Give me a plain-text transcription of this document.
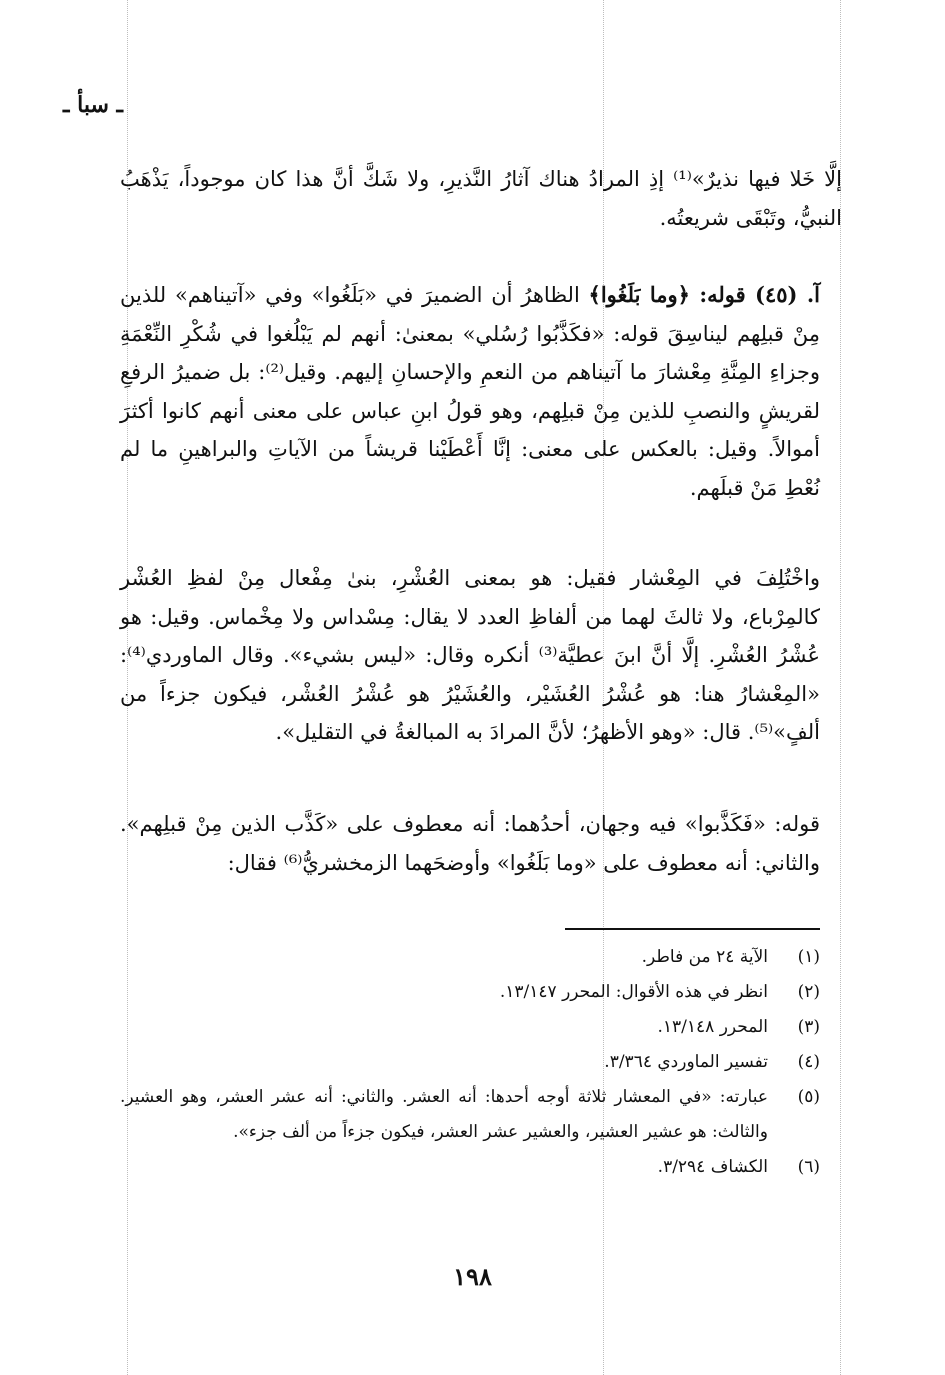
ـ سبأ ـ

إلَّا خَلا فيها نذيرٌ»⁽¹⁾ إذِ المرادُ هناك آثارُ النَّذيرِ، ولا شَكَّ أنَّ هذا كان موجوداً، يَذْهَبُ النبيُّ، وتَبْقَى شريعتُه.

آ. (٤٥) قوله: ﴿وما بَلَغُوا﴾ الظاهرُ أن الضميرَ في «بَلَغُوا» وفي «آتيناهم» للذين مِنْ قبلِهم ليناسِقَ قوله: «فكَذَّبُوا رُسُلي» بمعنىٰ: أنهم لم يَبْلُغوا في شُكْرِ النِّعْمَةِ وجزاءِ المِنَّةِ مِعْشارَ ما آتيناهم من النعمِ والإحسانِ إليهم. وقيل⁽²⁾: بل ضميرُ الرفعِ لقريشٍ والنصبِ للذين مِنْ قبلِهم، وهو قولُ ابنِ عباس على معنى أنهم كانوا أكثرَ أموالاً. وقيل: بالعكس على معنى: إنَّا أَعْطَيْنا قريشاً من الآياتِ والبراهينِ ما لم نُعْطِ مَنْ قبلَهم.

واخْتُلِفَ في المِعْشار فقيل: هو بمعنى العُشْرِ، بنىٰ مِفْعال مِنْ لفظِ العُشْر كالمِرْباع، ولا ثالثَ لهما من ألفاظِ العدد لا يقال: مِسْداس ولا مِخْماس. وقيل: هو عُشْرُ العُشْرِ. إلَّا أنَّ ابنَ عطيَّة⁽³⁾ أنكره وقال: «ليس بشيء». وقال الماوردي⁽⁴⁾: «المِعْشارُ هنا: هو عُشْرُ العُشَيْر، والعُشَيْرُ هو عُشْرُ العُشْر، فيكون جزءاً من ألفٍ»⁽⁵⁾. قال: «وهو الأظهرُ؛ لأنَّ المرادَ به المبالغةُ في التقليل».

قوله: «فَكَذَّبوا» فيه وجهان، أحدُهما: أنه معطوف على «كَذَّب الذين مِنْ قبلِهم». والثاني: أنه معطوف على «وما بَلَغُوا» وأوضحَهما الزمخشريُّ⁽⁶⁾ فقال:

(١)
الآية ٢٤ من فاطر.
(٢)
انظر في هذه الأقوال: المحرر ١٣/١٤٧.
(٣)
المحرر ١٣/١٤٨.
(٤)
تفسير الماوردي ٣/٣٦٤.
(٥)
عبارته: «في المعشار ثلاثة أوجه أحدها: أنه العشر. والثاني: أنه عشر العشر، وهو العشير. والثالث: هو عشير العشير، والعشير عشر العشر، فيكون جزءاً من ألف جزء».
(٦)
الكشاف ٣/٢٩٤.
١٩٨
